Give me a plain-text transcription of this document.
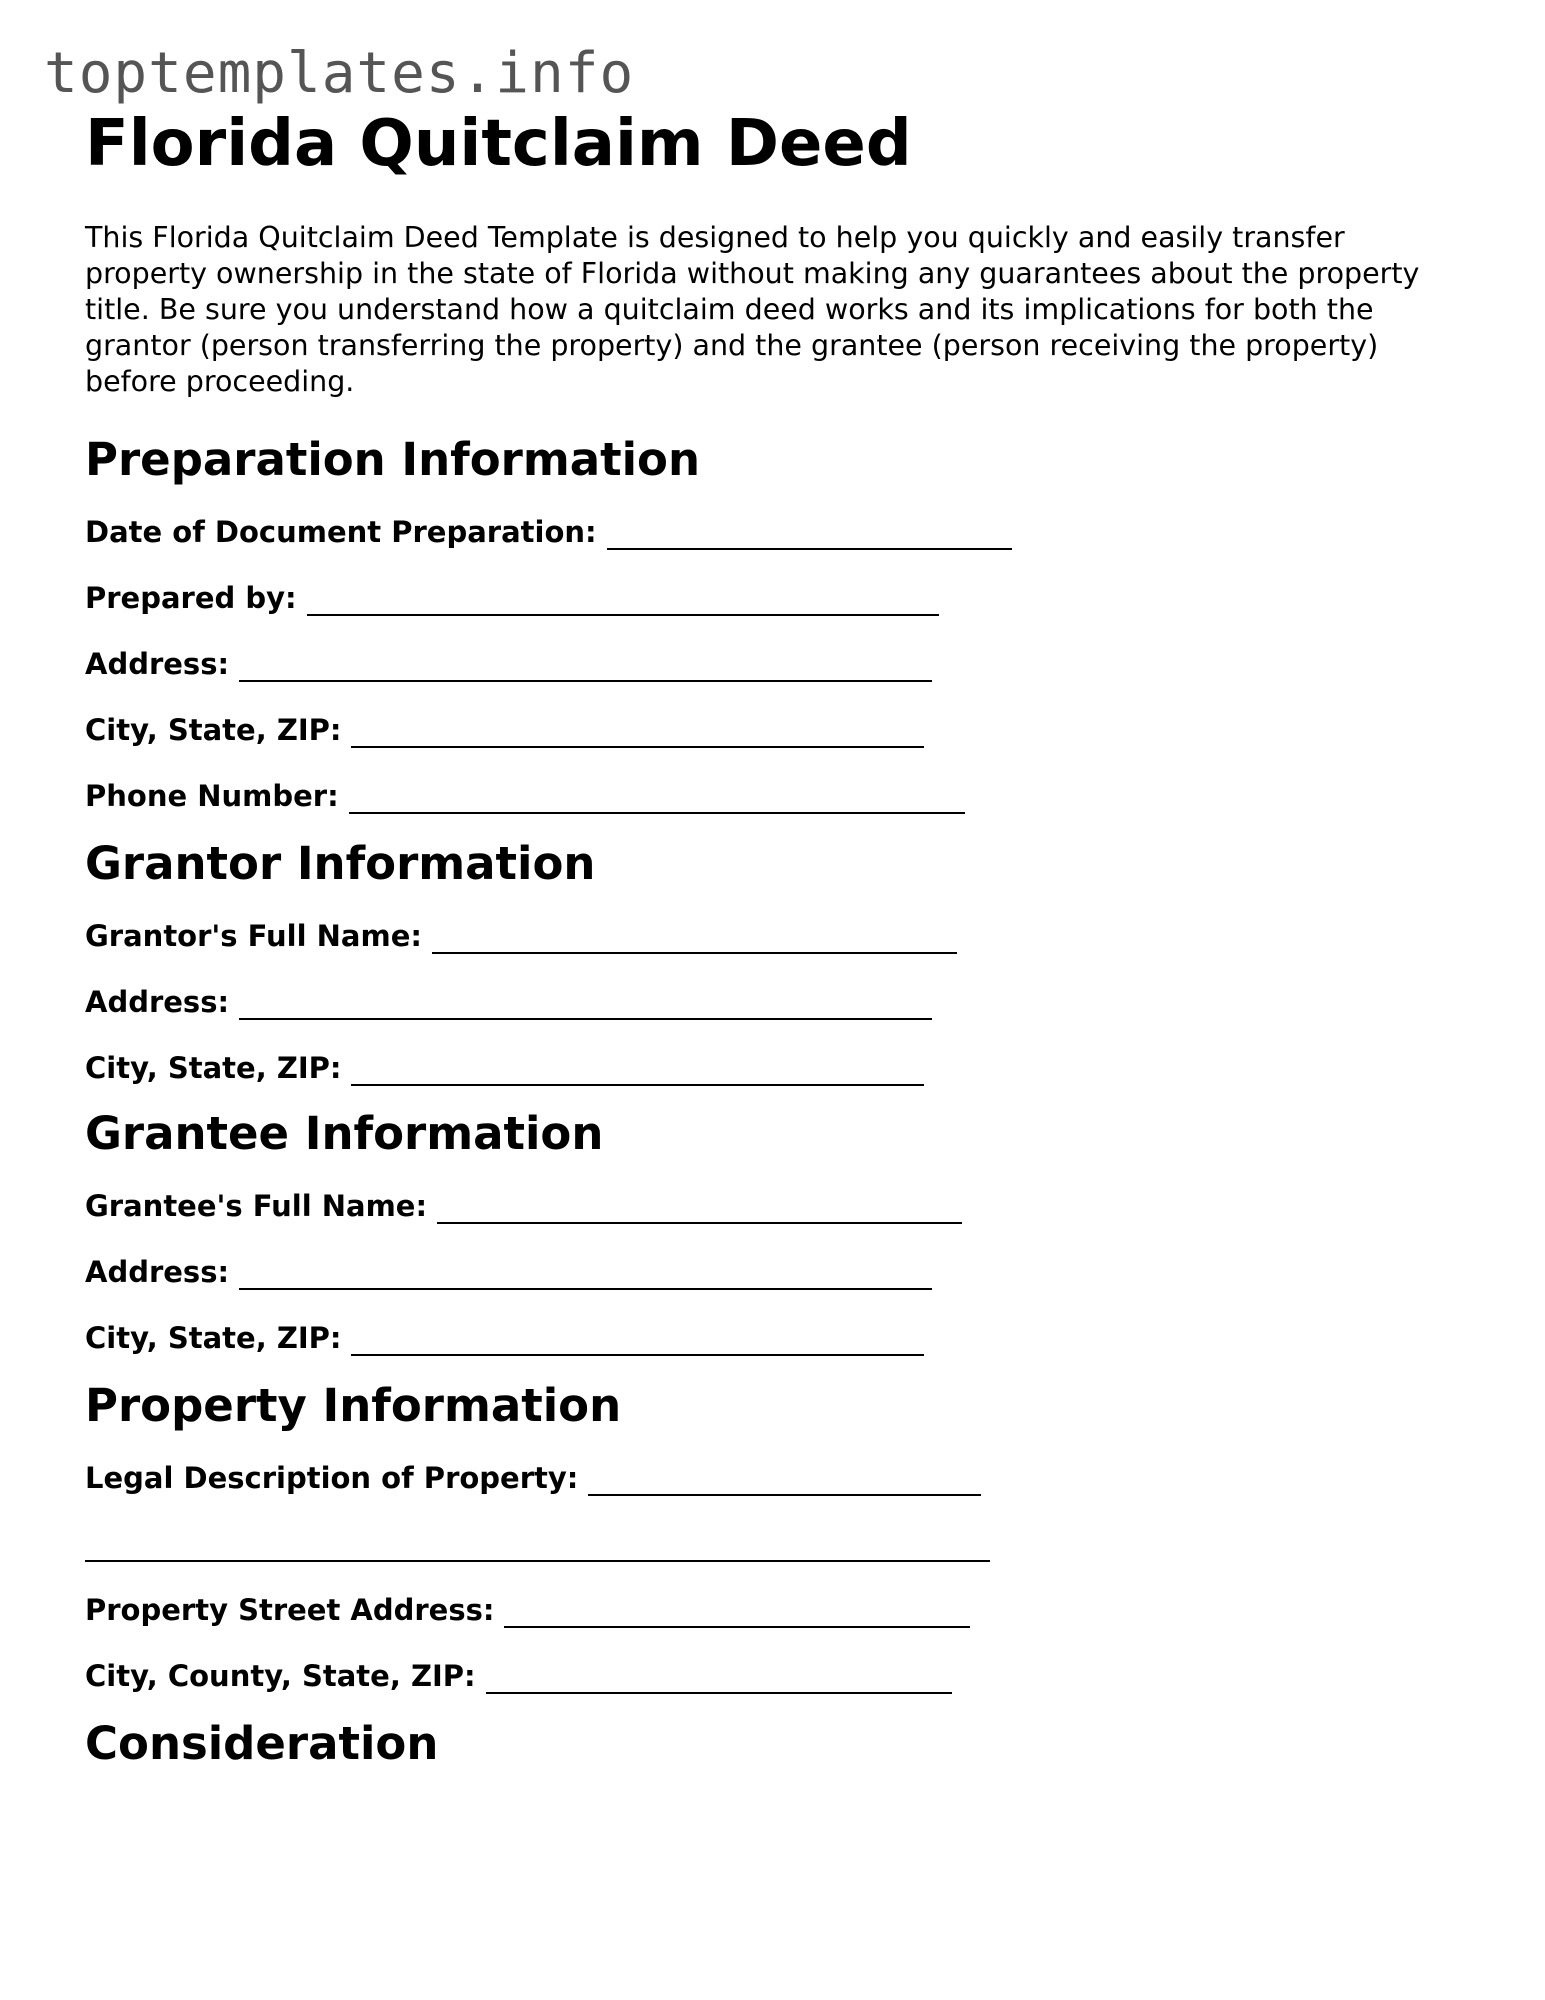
toptemplates.info
Florida Quitclaim Deed

This Florida Quitclaim Deed Template is designed to help you quickly and easily transfer property ownership in the state of Florida without making any guarantees about the property title. Be sure you understand how a quitclaim deed works and its implications for both the grantor (person transferring the property) and the grantee (person receiving the property) before proceeding.

Preparation Information
Date of Document Preparation:
Prepared by:
Address:
City, State, ZIP:
Phone Number:
Grantor Information
Grantor's Full Name:
Address:
City, State, ZIP:
Grantee Information
Grantee's Full Name:
Address:
City, State, ZIP:
Property Information
Legal Description of Property:
Property Street Address:
City, County, State, ZIP:
Consideration
